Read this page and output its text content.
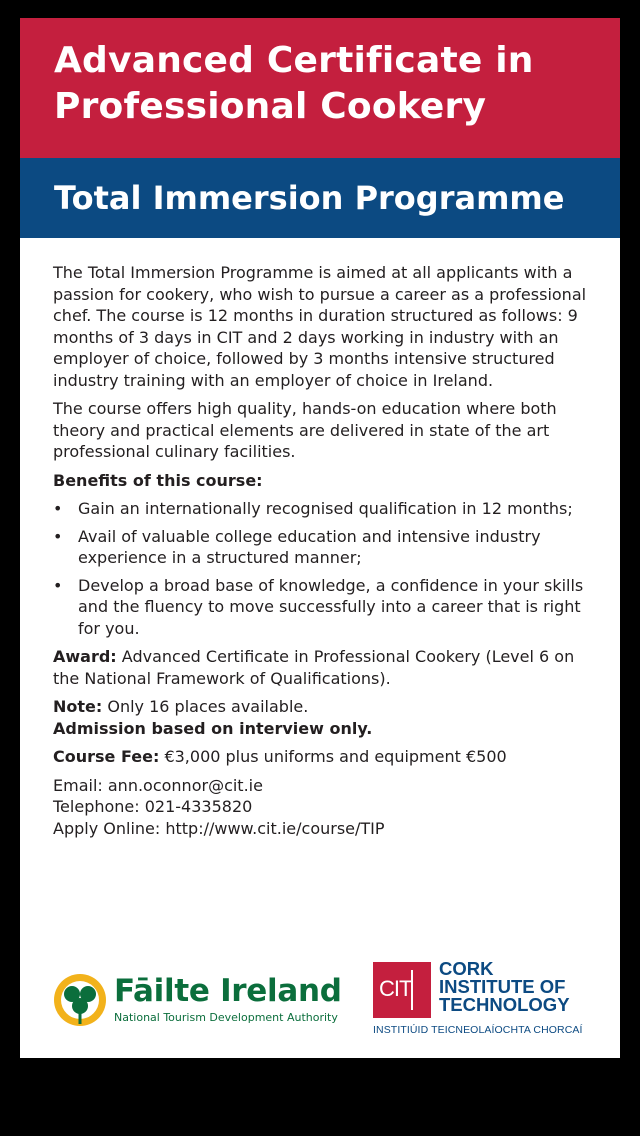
Advanced Certificate in Professional Cookery
Total Immersion Programme

The Total Immersion Programme is aimed at all applicants with a passion for cookery, who wish to pursue a career as a professional chef. The course is 12 months in duration structured as follows: 9 months of 3 days in CIT and 2 days working in industry with an employer of choice, followed by 3 months intensive structured industry training with an employer of choice in Ireland.

The course offers high quality, hands-on education where both theory and practical elements are delivered in state of the art professional culinary facilities.

Benefits of this course:

• Gain an internationally recognised qualification in 12 months;
• Avail of valuable college education and intensive industry experience in a structured manner;
• Develop a broad base of knowledge, a confidence in your skills and the fluency to move successfully into a career that is right for you.

Award: Advanced Certificate in Professional Cookery (Level 6 on the National Framework of Qualifications).

Note: Only 16 places available.

Admission based on interview only.

Course Fee: €3,000 plus uniforms and equipment €500

Email: ann.oconnor@cit.ie
Telephone: 021-4335820
Apply Online: http://www.cit.ie/course/TIP
Fāilte Ireland
National Tourism Development Authority
CIT
CORK
INSTITUTE OF
TECHNOLOGY
INSTITIÚID TEICNEOLAÍOCHTA CHORCAÍ
